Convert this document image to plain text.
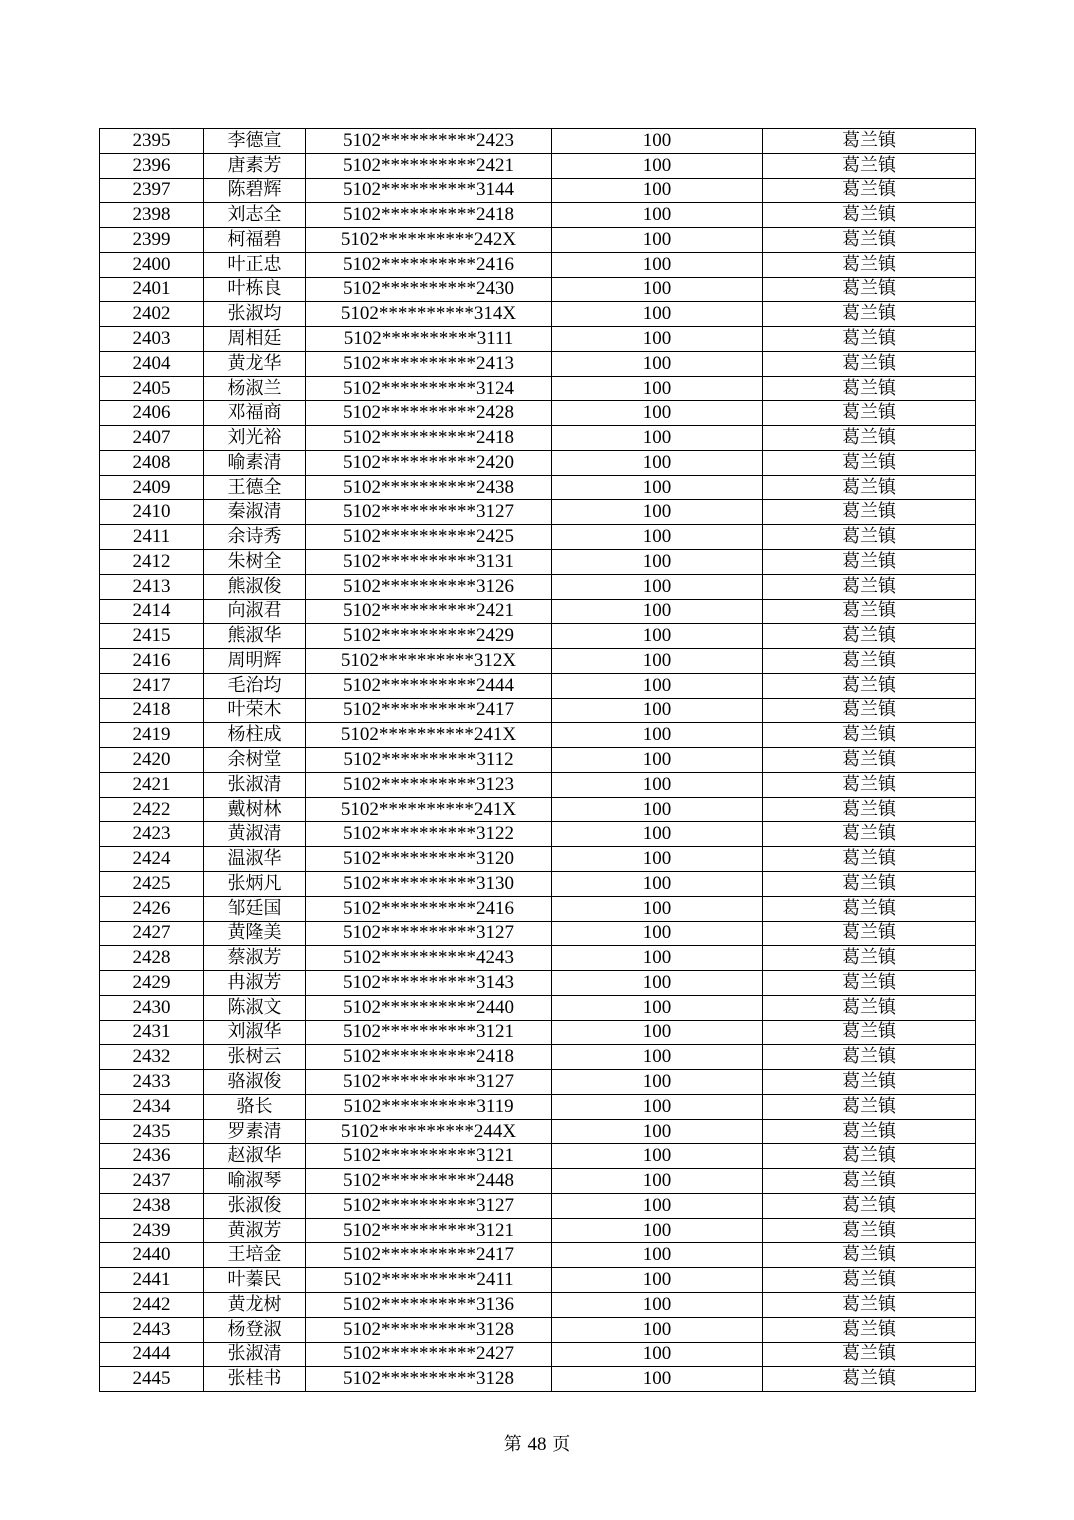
2395	李德宣	5102**********2423	100	葛兰镇
2396	唐素芳	5102**********2421	100	葛兰镇
2397	陈碧辉	5102**********3144	100	葛兰镇
2398	刘志全	5102**********2418	100	葛兰镇
2399	柯福碧	5102**********242X	100	葛兰镇
2400	叶正忠	5102**********2416	100	葛兰镇
2401	叶栋良	5102**********2430	100	葛兰镇
2402	张淑均	5102**********314X	100	葛兰镇
2403	周相廷	5102**********3111	100	葛兰镇
2404	黄龙华	5102**********2413	100	葛兰镇
2405	杨淑兰	5102**********3124	100	葛兰镇
2406	邓福商	5102**********2428	100	葛兰镇
2407	刘光裕	5102**********2418	100	葛兰镇
2408	喻素清	5102**********2420	100	葛兰镇
2409	王德全	5102**********2438	100	葛兰镇
2410	秦淑清	5102**********3127	100	葛兰镇
2411	余诗秀	5102**********2425	100	葛兰镇
2412	朱树全	5102**********3131	100	葛兰镇
2413	熊淑俊	5102**********3126	100	葛兰镇
2414	向淑君	5102**********2421	100	葛兰镇
2415	熊淑华	5102**********2429	100	葛兰镇
2416	周明辉	5102**********312X	100	葛兰镇
2417	毛治均	5102**********2444	100	葛兰镇
2418	叶荣木	5102**********2417	100	葛兰镇
2419	杨柱成	5102**********241X	100	葛兰镇
2420	余树堂	5102**********3112	100	葛兰镇
2421	张淑清	5102**********3123	100	葛兰镇
2422	戴树林	5102**********241X	100	葛兰镇
2423	黄淑清	5102**********3122	100	葛兰镇
2424	温淑华	5102**********3120	100	葛兰镇
2425	张炳凡	5102**********3130	100	葛兰镇
2426	邹廷国	5102**********2416	100	葛兰镇
2427	黄隆美	5102**********3127	100	葛兰镇
2428	蔡淑芳	5102**********4243	100	葛兰镇
2429	冉淑芳	5102**********3143	100	葛兰镇
2430	陈淑文	5102**********2440	100	葛兰镇
2431	刘淑华	5102**********3121	100	葛兰镇
2432	张树云	5102**********2418	100	葛兰镇
2433	骆淑俊	5102**********3127	100	葛兰镇
2434	骆长	5102**********3119	100	葛兰镇
2435	罗素清	5102**********244X	100	葛兰镇
2436	赵淑华	5102**********3121	100	葛兰镇
2437	喻淑琴	5102**********2448	100	葛兰镇
2438	张淑俊	5102**********3127	100	葛兰镇
2439	黄淑芳	5102**********3121	100	葛兰镇
2440	王培金	5102**********2417	100	葛兰镇
2441	叶蓁民	5102**********2411	100	葛兰镇
2442	黄龙树	5102**********3136	100	葛兰镇
2443	杨登淑	5102**********3128	100	葛兰镇
2444	张淑清	5102**********2427	100	葛兰镇
2445	张桂书	5102**********3128	100	葛兰镇
第 48 页
